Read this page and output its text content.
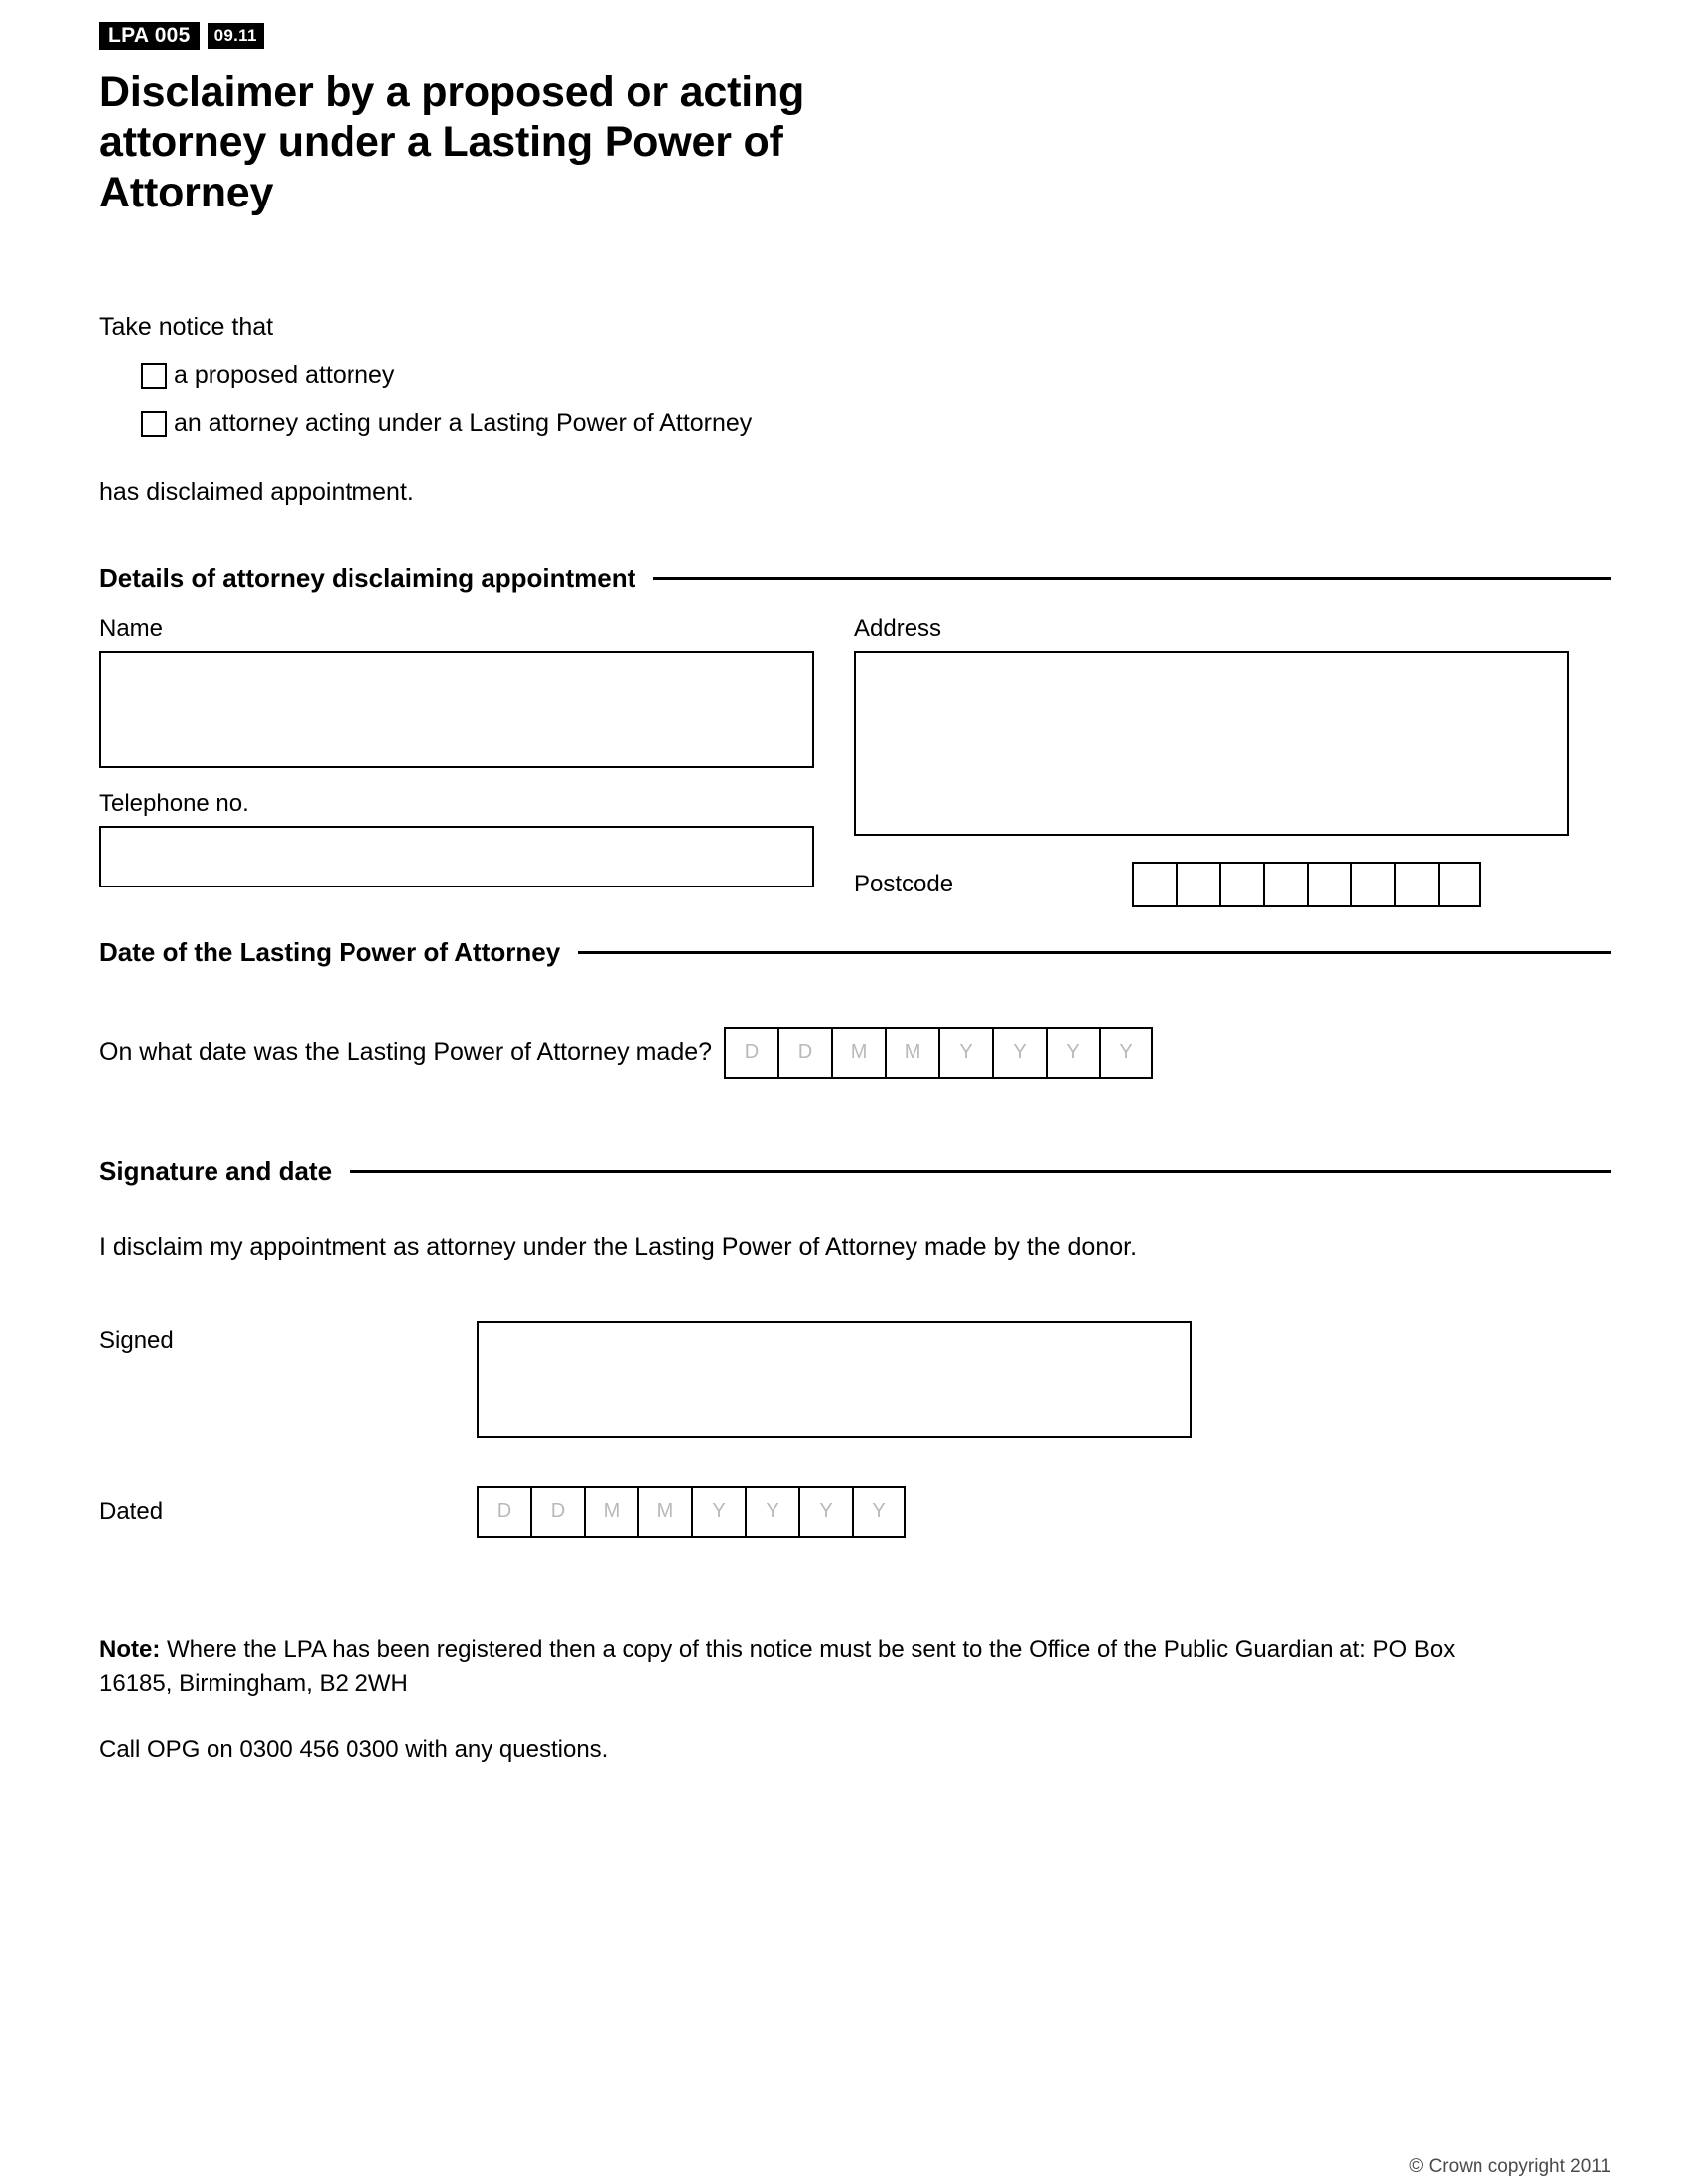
LPA 005	09.11
Disclaimer by a proposed or acting attorney under a Lasting Power of Attorney
Take notice that
a proposed attorney
an attorney acting under a Lasting Power of Attorney
has disclaimed appointment.
Details of attorney disclaiming appointment
Name
Telephone no.
Address
Postcode
Date of the Lasting Power of Attorney
On what date was the Lasting Power of Attorney made?	D	D	M	M	Y	Y	Y	Y
Signature and date
I disclaim my appointment as attorney under the Lasting Power of Attorney made by the donor.
Signed
Dated	D	D	M	M	Y	Y	Y	Y
Note: Where the LPA has been registered then a copy of this notice must be sent to the Office of the Public Guardian at: PO Box 16185, Birmingham, B2 2WH
Call OPG on 0300 456 0300 with any questions.
© Crown copyright 2011
